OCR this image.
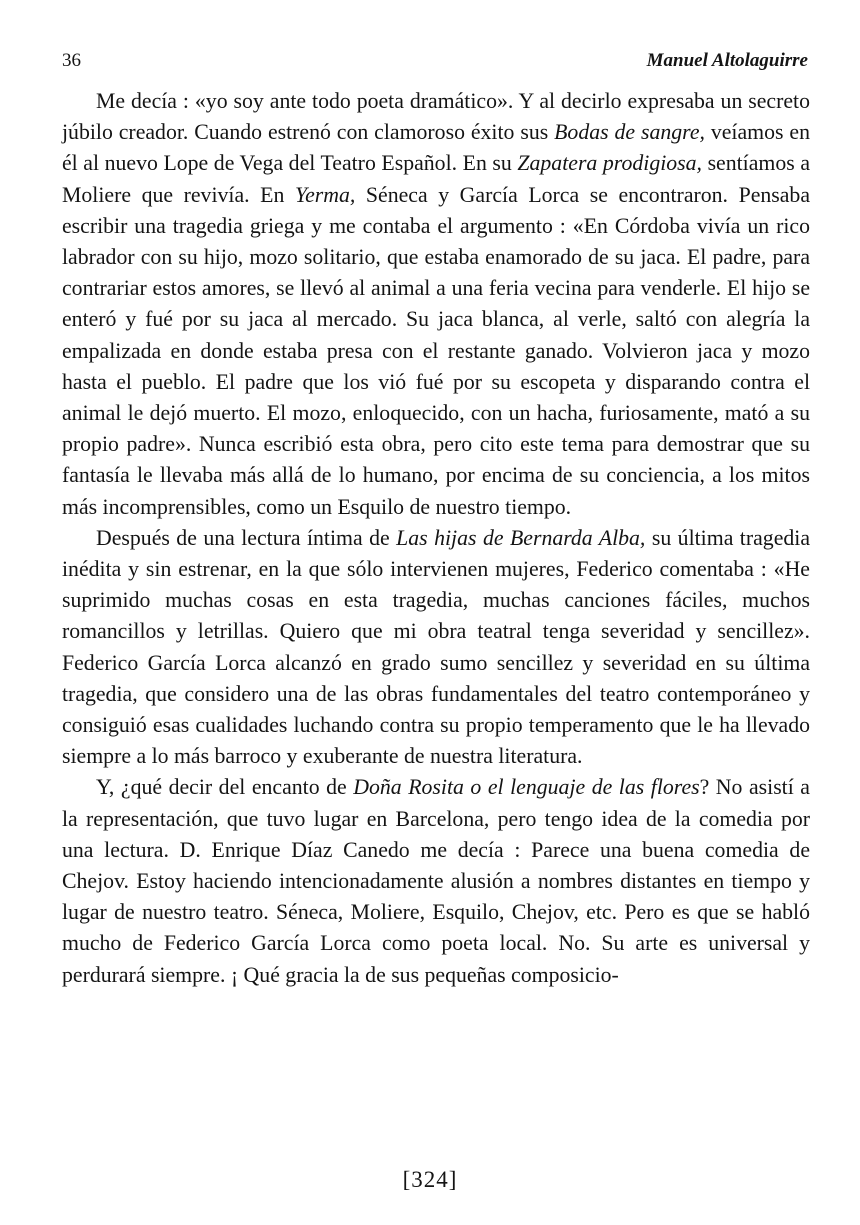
36	Manuel Altolaguirre

Me decía : «yo soy ante todo poeta dramático». Y al decirlo expresaba un secreto júbilo creador. Cuando estrenó con clamoroso éxito sus Bodas de sangre, veíamos en él al nuevo Lope de Vega del Teatro Español. En su Zapatera prodigiosa, sentíamos a Moliere que revivía. En Yerma, Séneca y García Lorca se encontraron. Pensaba escribir una tragedia griega y me contaba el argumento : «En Córdoba vivía un rico labrador con su hijo, mozo solitario, que estaba enamorado de su jaca. El padre, para contrariar estos amores, se llevó al animal a una feria vecina para venderle. El hijo se enteró y fué por su jaca al mercado. Su jaca blanca, al verle, saltó con alegría la empalizada en donde estaba presa con el restante ganado. Volvieron jaca y mozo hasta el pueblo. El padre que los vió fué por su escopeta y disparando contra el animal le dejó muerto. El mozo, enloquecido, con un hacha, furiosamente, mató a su propio padre». Nunca escribió esta obra, pero cito este tema para demostrar que su fantasía le llevaba más allá de lo humano, por encima de su conciencia, a los mitos más incomprensibles, como un Esquilo de nuestro tiempo.

Después de una lectura íntima de Las hijas de Bernarda Alba, su última tragedia inédita y sin estrenar, en la que sólo intervienen mujeres, Federico comentaba : «He suprimido muchas cosas en esta tragedia, muchas canciones fáciles, muchos romancillos y letrillas. Quiero que mi obra teatral tenga severidad y sencillez». Federico García Lorca alcanzó en grado sumo sencillez y severidad en su última tragedia, que considero una de las obras fundamentales del teatro contemporáneo y consiguió esas cualidades luchando contra su propio temperamento que le ha llevado siempre a lo más barroco y exuberante de nuestra literatura.

Y, ¿qué decir del encanto de Doña Rosita o el lenguaje de las flores? No asistí a la representación, que tuvo lugar en Barcelona, pero tengo idea de la comedia por una lectura. D. Enrique Díaz Canedo me decía : Parece una buena comedia de Chejov. Estoy haciendo intencionadamente alusión a nombres distantes en tiempo y lugar de nuestro teatro. Séneca, Moliere, Esquilo, Chejov, etc. Pero es que se habló mucho de Federico García Lorca como poeta local. No. Su arte es universal y perdurará siempre. ¡ Qué gracia la de sus pequeñas composicio-

[324]
